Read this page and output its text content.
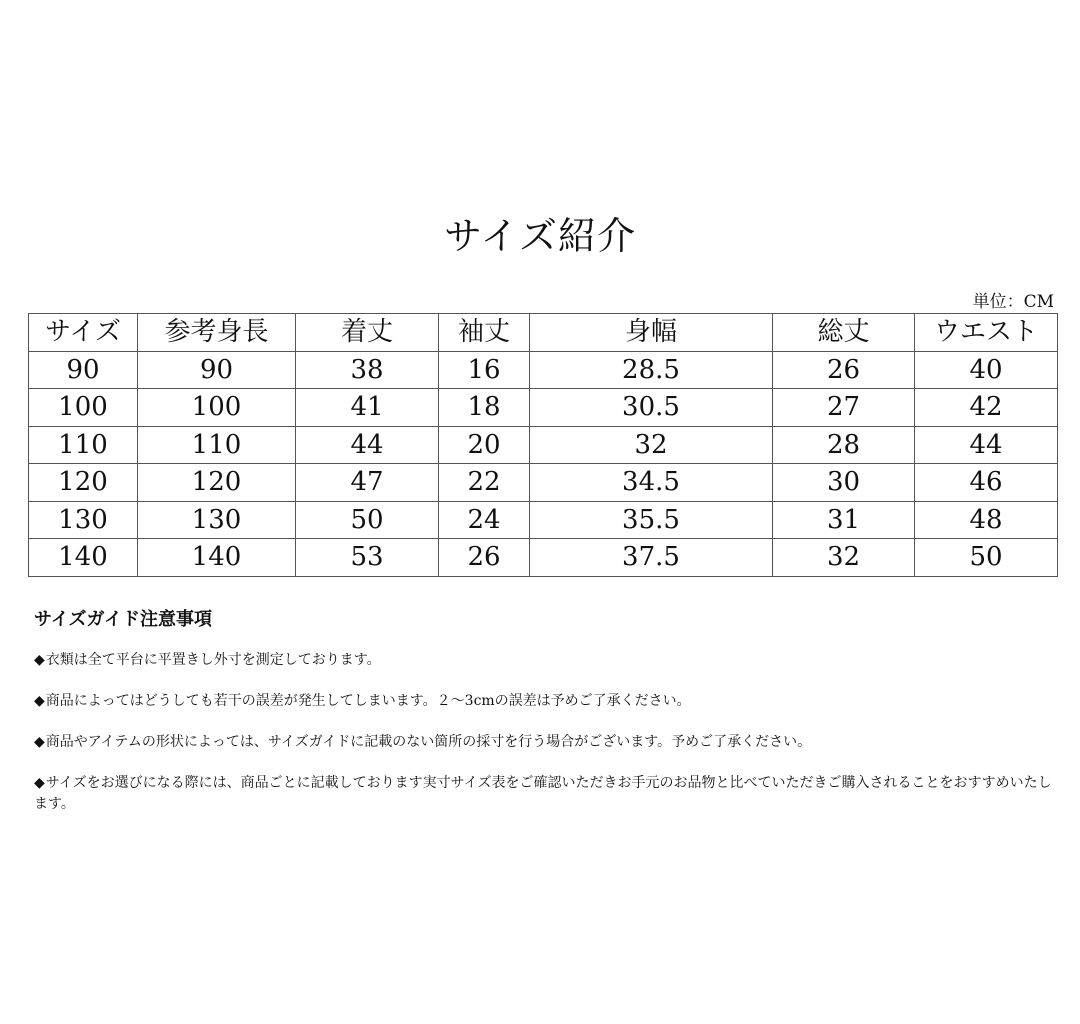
サイズ紹介
単位：CM
サイズ	参考身長	着丈	袖丈	身幅	総丈	ウエスト
90	90	38	16	28.5	26	40
100	100	41	18	30.5	27	42
110	110	44	20	32	28	44
120	120	47	22	34.5	30	46
130	130	50	24	35.5	31	48
140	140	53	26	37.5	32	50
サイズガイド注意事項
◆衣類は全て平台に平置きし外寸を測定しております。
◆商品によってはどうしても若干の誤差が発生してしまいます。２～3cmの誤差は予めご了承ください。
◆商品やアイテムの形状によっては、サイズガイドに記載のない箇所の採寸を行う場合がございます。予めご了承ください。
◆サイズをお選びになる際には、商品ごとに記載しております実寸サイズ表をご確認いただきお手元のお品物と比べていただきご購入されることをおすすめいたします。
